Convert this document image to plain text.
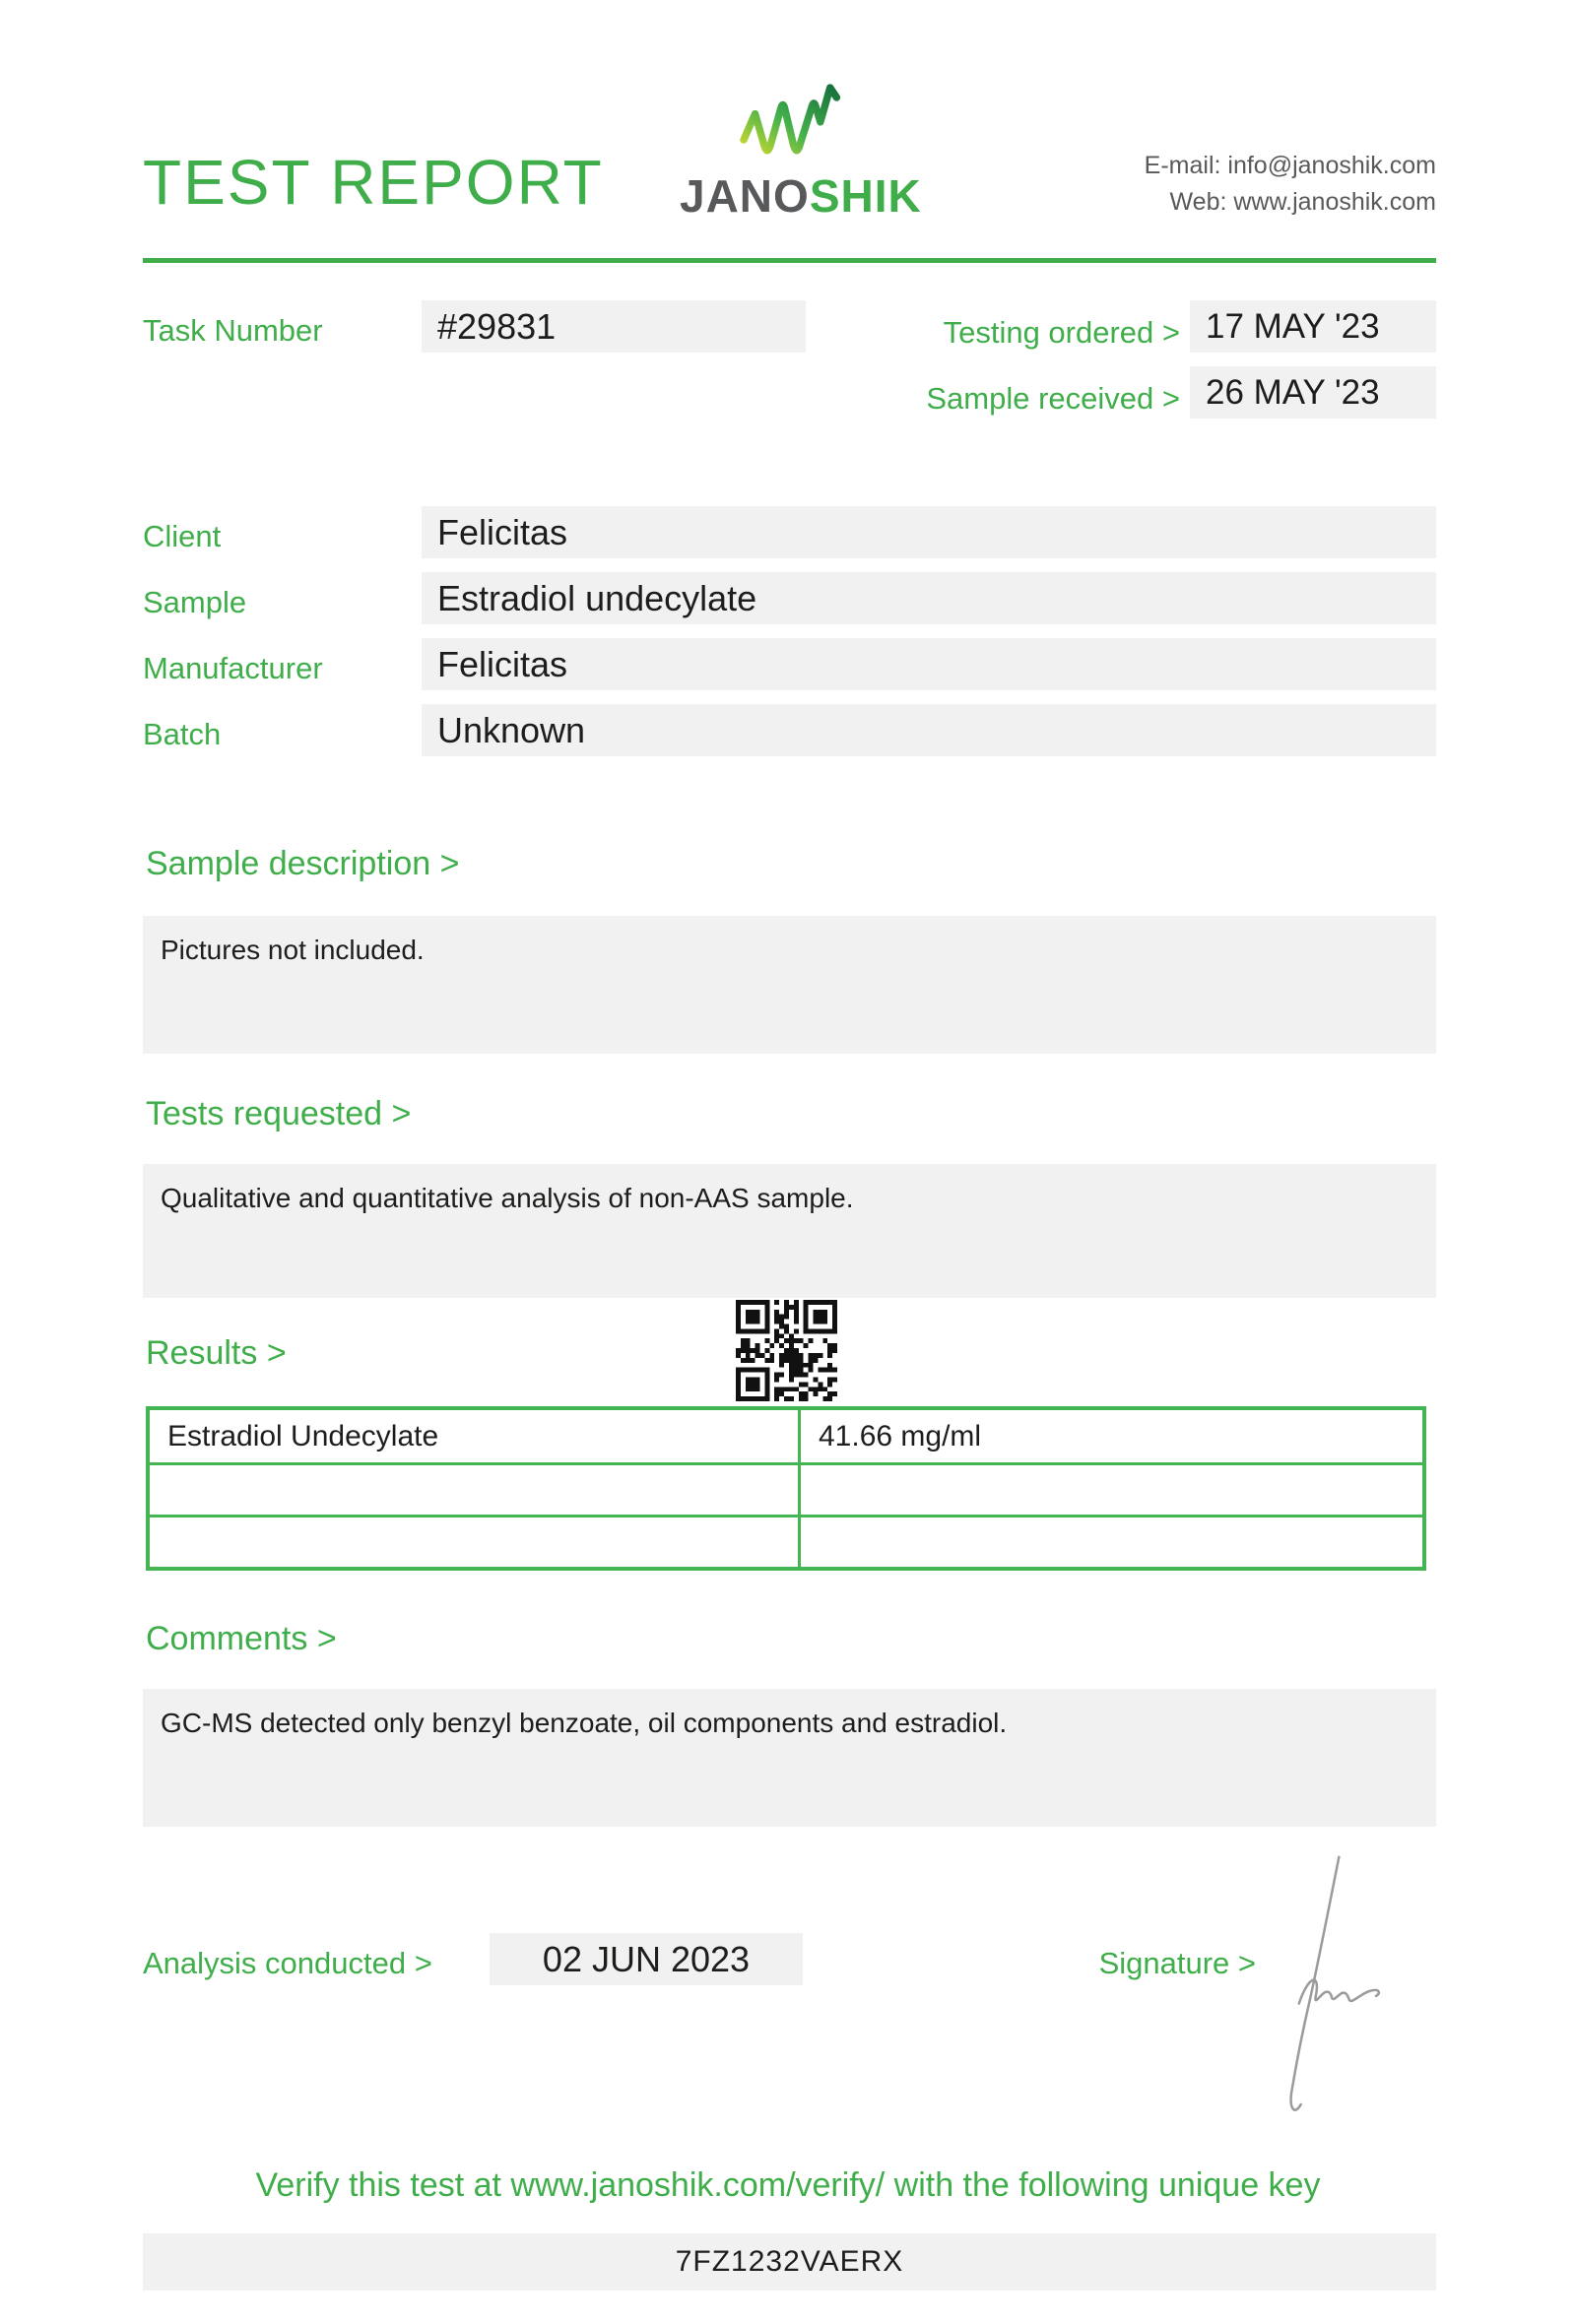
TEST REPORT JANOSHIK
E-mail: info@janoshik.com
Web: www.janoshik.com
Task Number	#29831	Testing ordered > 17 MAY '23
Sample received > 26 MAY '23
Client	Felicitas
Sample	Estradiol undecylate
Manufacturer	Felicitas
Batch	Unknown
Sample description >
Pictures not included.
Tests requested >
Qualitative and quantitative analysis of non-AAS sample.
Results >
Estradiol Undecylate	41.66 mg/ml
Comments >
GC-MS detected only benzyl benzoate, oil components and estradiol.
Analysis conducted >	02 JUN 2023	Signature >
Verify this test at www.janoshik.com/verify/ with the following unique key
7FZ1232VAERX
